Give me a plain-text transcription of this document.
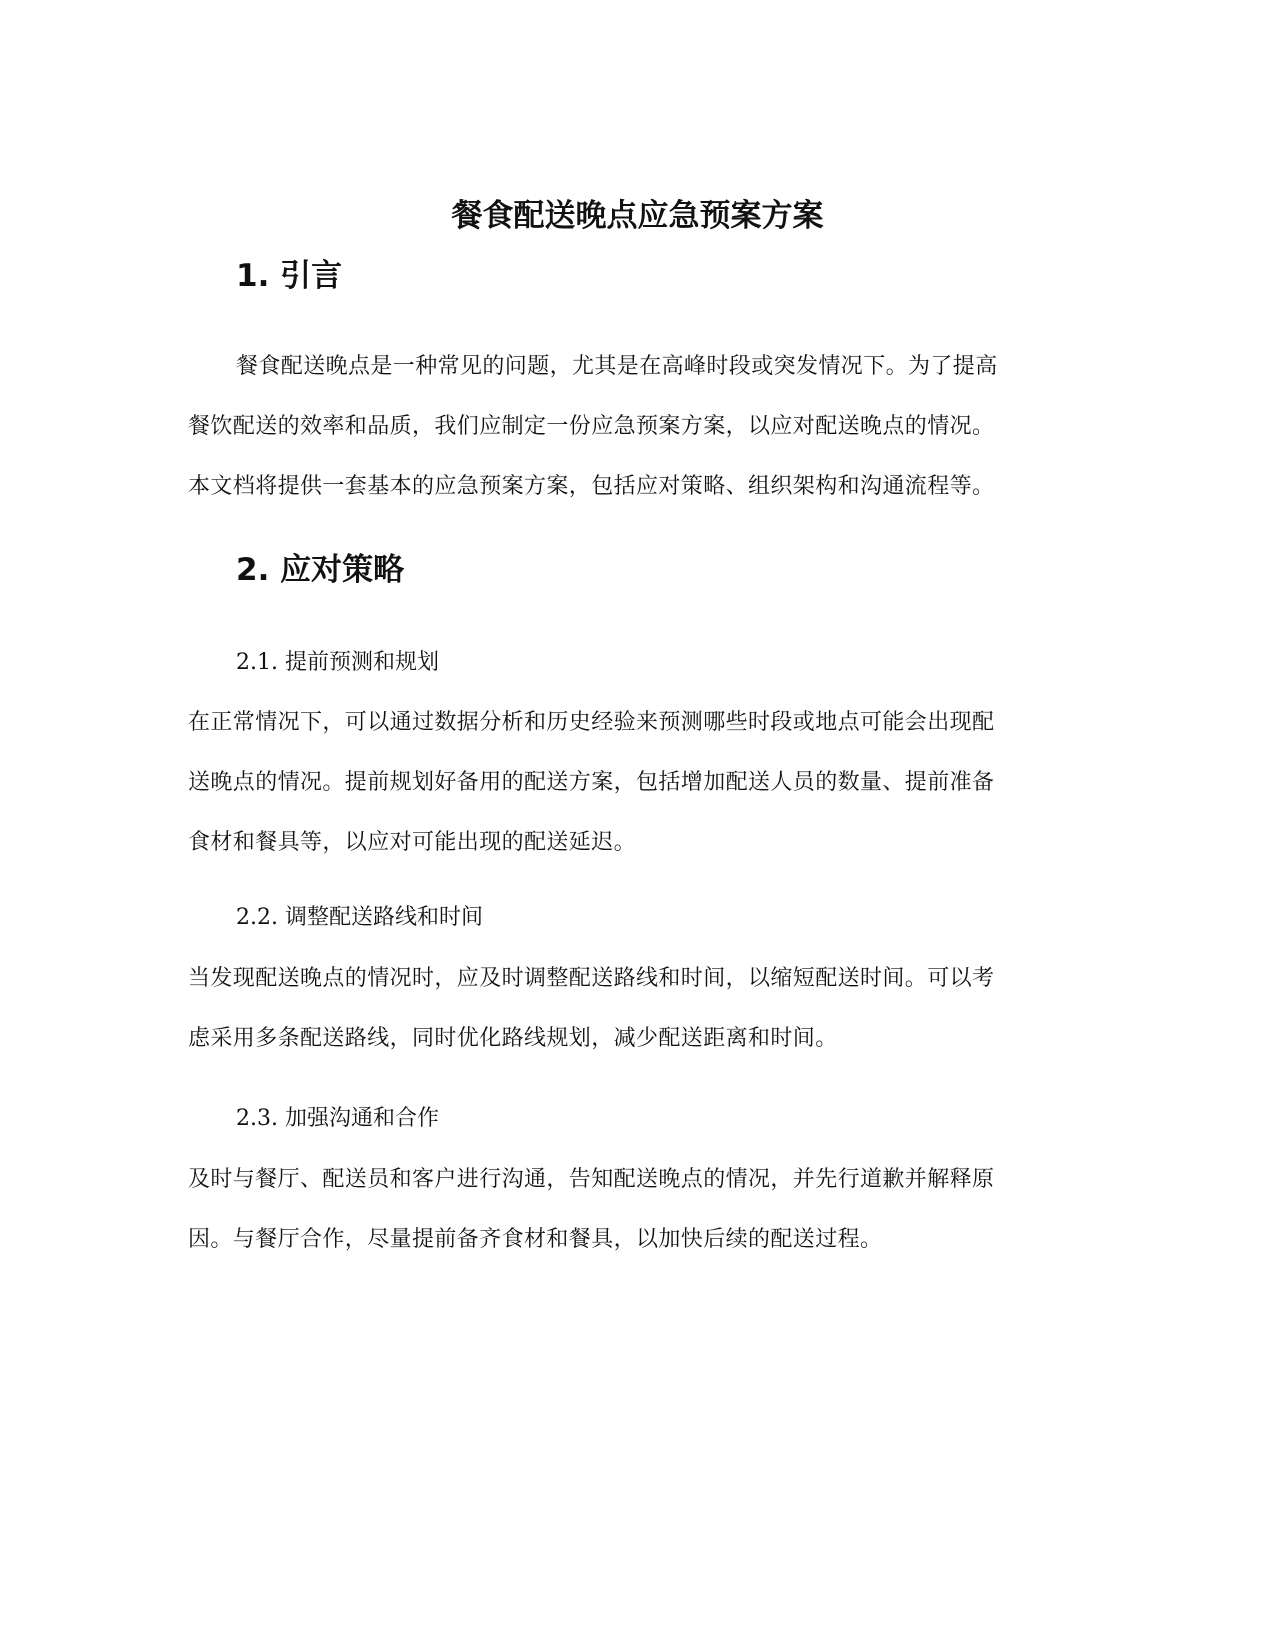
餐食配送晚点应急预案方案
1. 引言

餐食配送晚点是一种常见的问题，尤其是在高峰时段或突发情况下。为了提高
餐饮配送的效率和品质，我们应制定一份应急预案方案，以应对配送晚点的情况。
本文档将提供一套基本的应急预案方案，包括应对策略、组织架构和沟通流程等。

2. 应对策略
2.1. 提前预测和规划

在正常情况下，可以通过数据分析和历史经验来预测哪些时段或地点可能会出现配
送晚点的情况。提前规划好备用的配送方案，包括增加配送人员的数量、提前准备
食材和餐具等，以应对可能出现的配送延迟。

2.2. 调整配送路线和时间

当发现配送晚点的情况时，应及时调整配送路线和时间，以缩短配送时间。可以考
虑采用多条配送路线，同时优化路线规划，减少配送距离和时间。

2.3. 加强沟通和合作

及时与餐厅、配送员和客户进行沟通，告知配送晚点的情况，并先行道歉并解释原
因。与餐厅合作，尽量提前备齐食材和餐具，以加快后续的配送过程。
